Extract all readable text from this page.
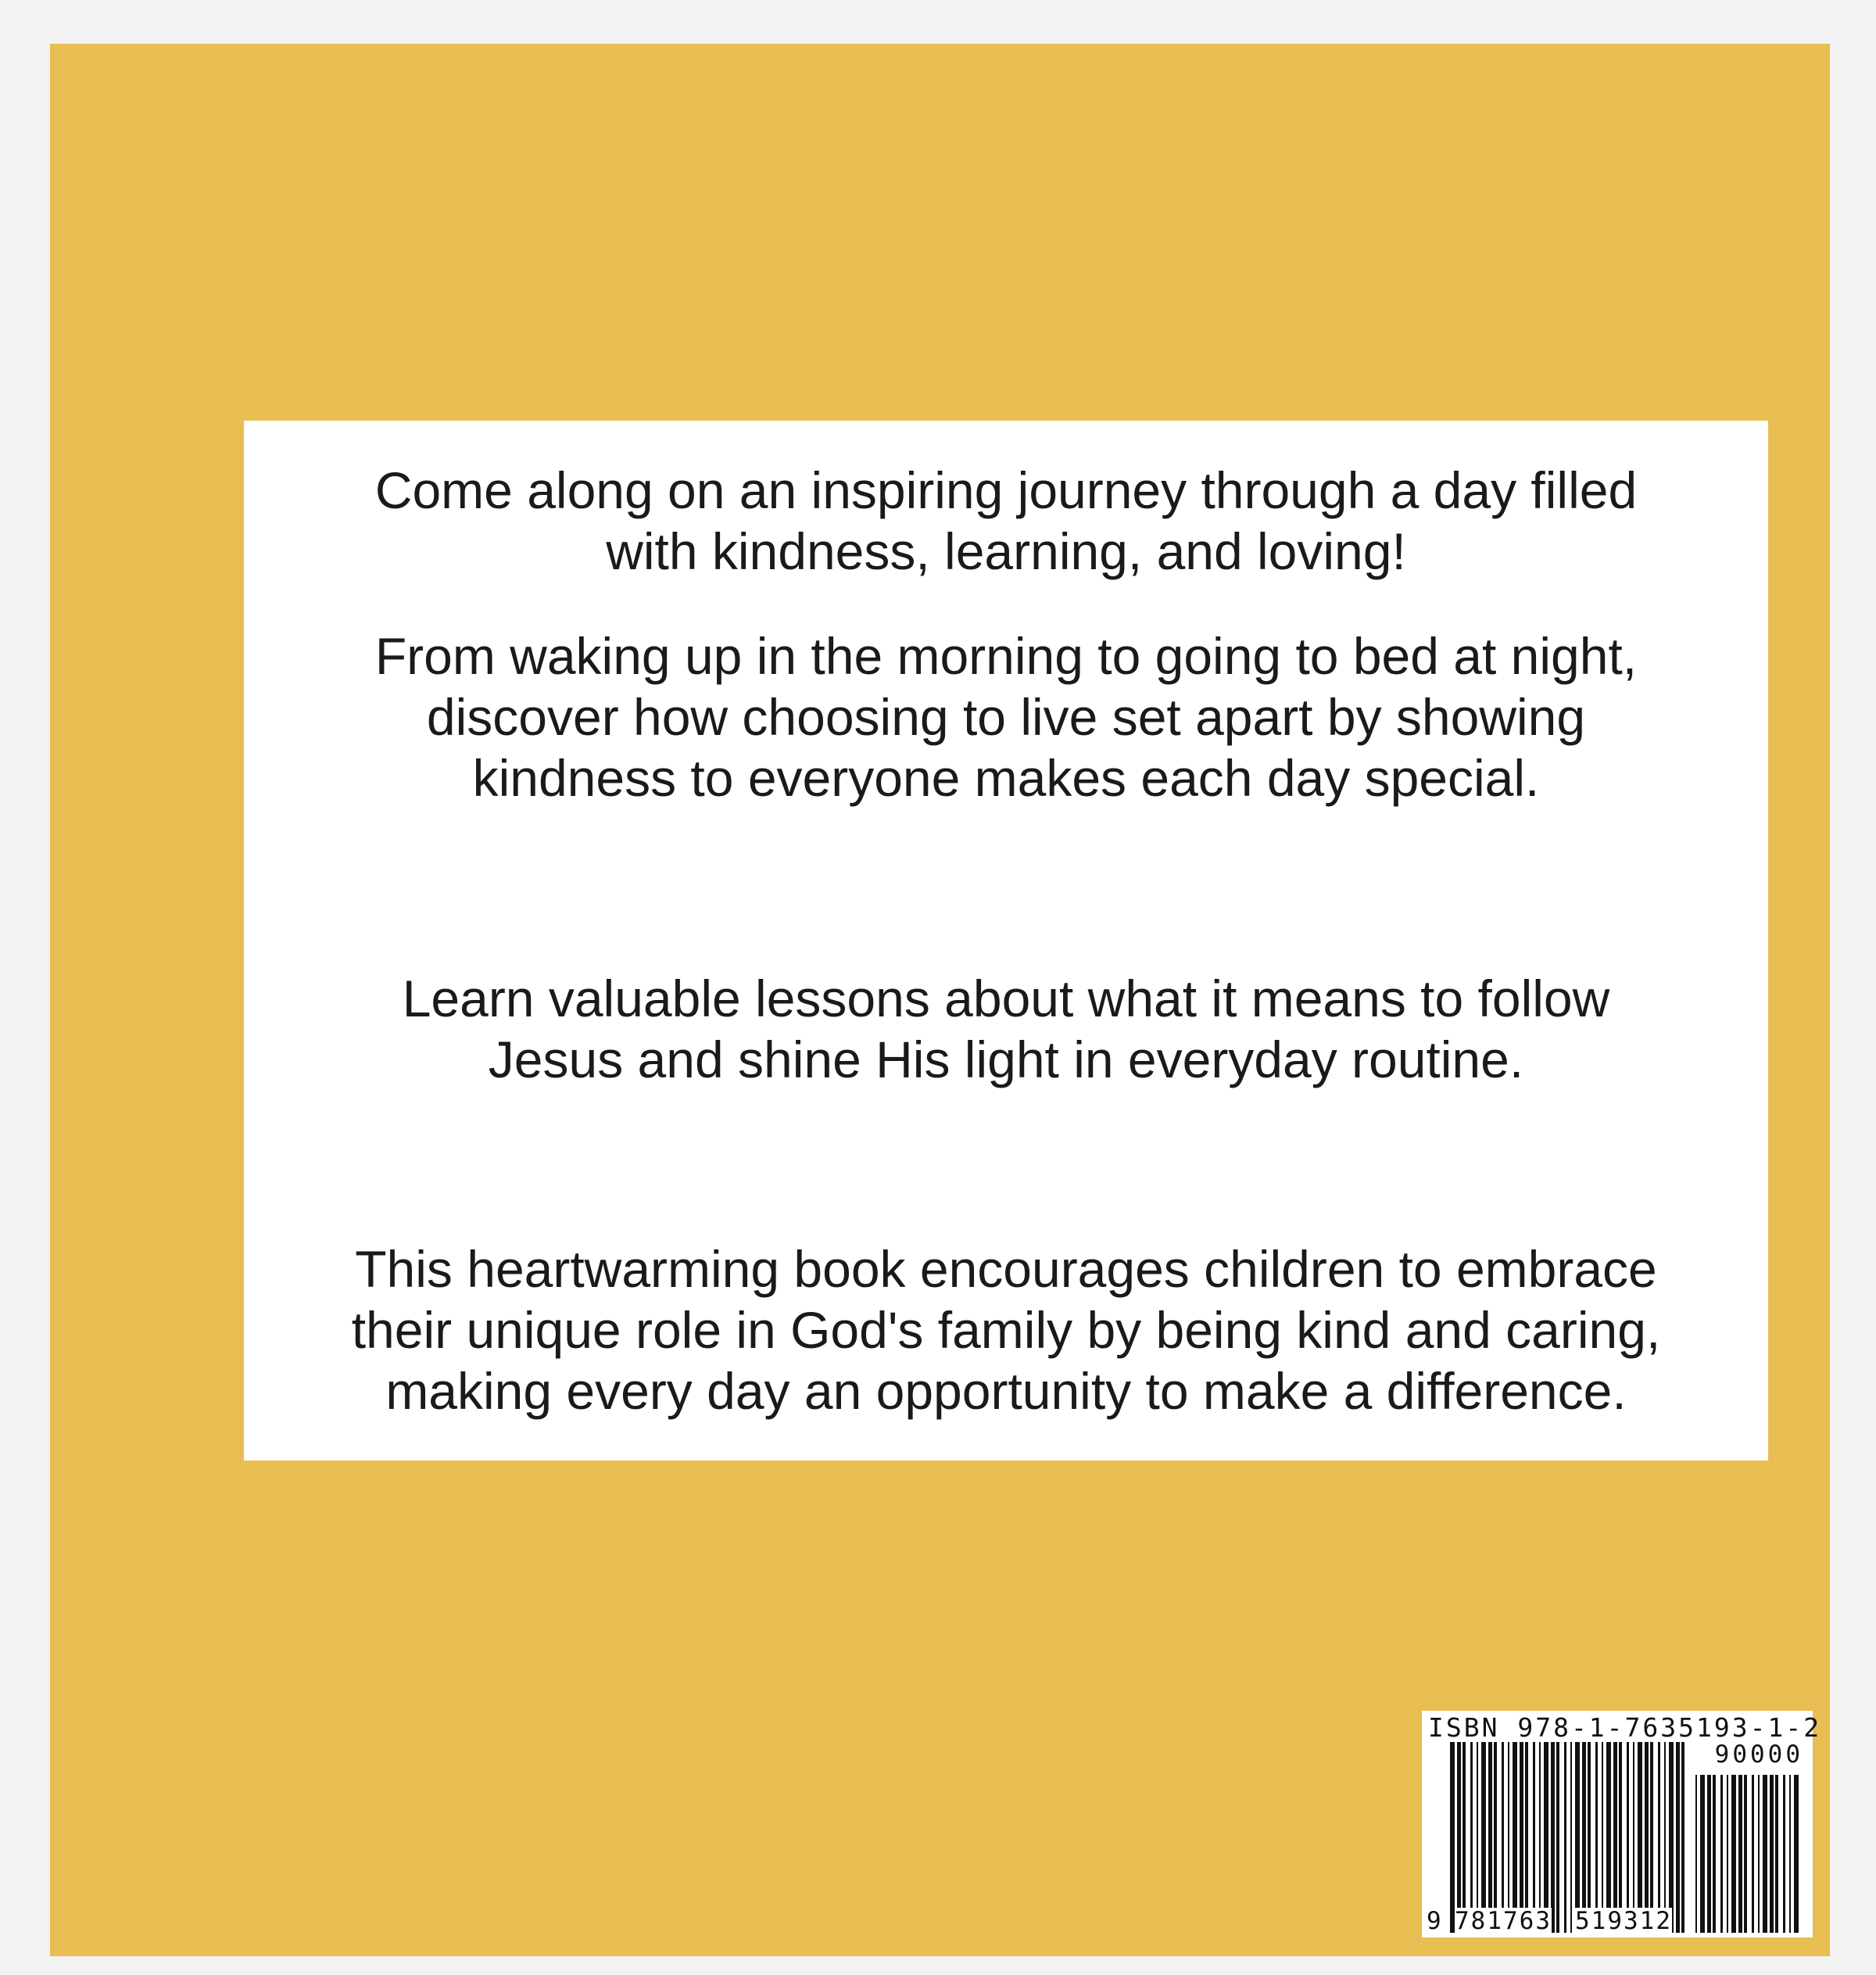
Come along on an inspiring journey through a day filled
with kindness, learning, and loving!

From waking up in the morning to going to bed at night,
discover how choosing to live set apart by showing
kindness to everyone makes each day special.

Learn valuable lessons about what it means to follow
Jesus and shine His light in everyday routine.

This heartwarming book encourages children to embrace
their unique role in God's family by being kind and caring,
making every day an opportunity to make a difference.

ISBN 978-1-7635193-1-2
90000
9 781763 519312
